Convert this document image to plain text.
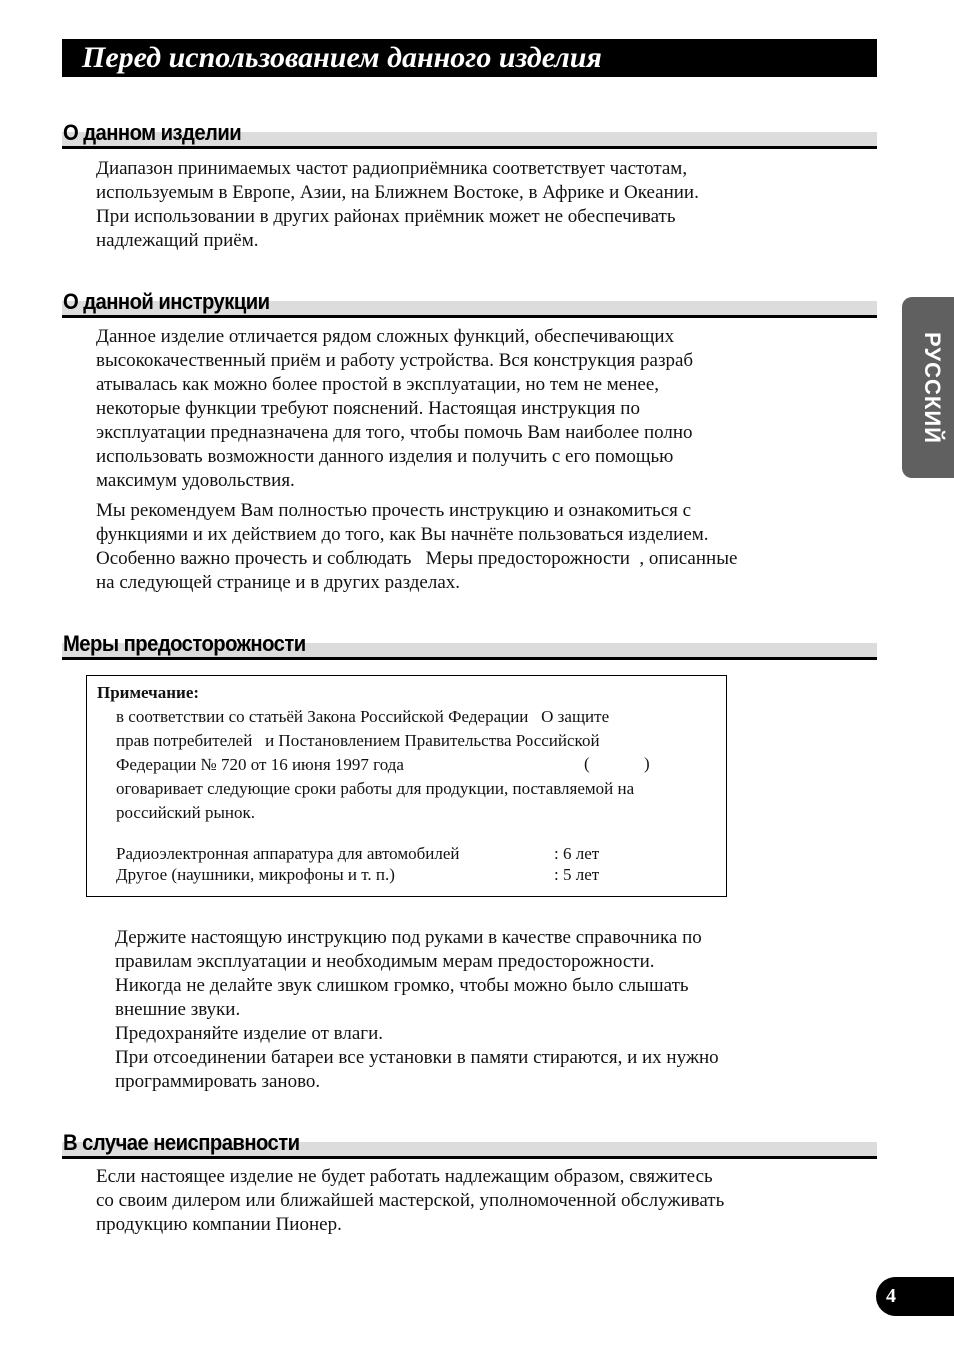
Перед использованием данного изделия
О данном изделии
Диапазон принимаемых частот радиоприёмника соответствует частотам,
используемым в Европе, Азии, на Ближнем Востоке, в Африке и Океании.
При использовании в других районах приёмник может не обеспечивать
надлежащий приём.
О данной инструкции
Данное изделие отличается рядом сложных функций, обеспечивающих
высококачественный приём и работу устройства. Вся конструкция разраб
атывалась как можно более простой в эксплуатации, но тем не менее,
некоторые функции требуют пояснений. Настоящая инструкция по
эксплуатации предназначена для того, чтобы помочь Вам наиболее полно
использовать возможности данного изделия и получить с его помощью
максимум удовольствия.
Мы рекомендуем Вам полностью прочесть инструкцию и ознакомиться с
функциями и их действием до того, как Вы начнёте пользоваться изделием.
Особенно важно прочесть и соблюдать   Меры предосторожности  , описанные
на следующей странице и в других разделах.
Меры предосторожности
Примечание:
в соответствии со статьёй Закона Российской Федерации   О защите
прав потребителей   и Постановлением Правительства Российской
Федерации № 720 от 16 июня 1997 года
оговаривает следующие сроки работы для продукции, поставляемой на
российский рынок.
Радиоэлектронная аппаратура для автомобилей	: 6 лет
Другое (наушники, микрофоны и т. п.)	: 5 лет
(	)
Держите настоящую инструкцию под руками в качестве справочника по
правилам эксплуатации и необходимым мерам предосторожности.
Никогда не делайте звук слишком громко, чтобы можно было слышать
внешние звуки.
Предохраняйте изделие от влаги.
При отсоединении батареи все установки в памяти стираются, и их нужно
программировать заново.
В случае неисправности
Если настоящее изделие не будет работать надлежащим образом, свяжитесь
со своим дилером или ближайшей мастерской, уполномоченной обслуживать
продукцию компании Пионер.
РУССКИЙ
4
